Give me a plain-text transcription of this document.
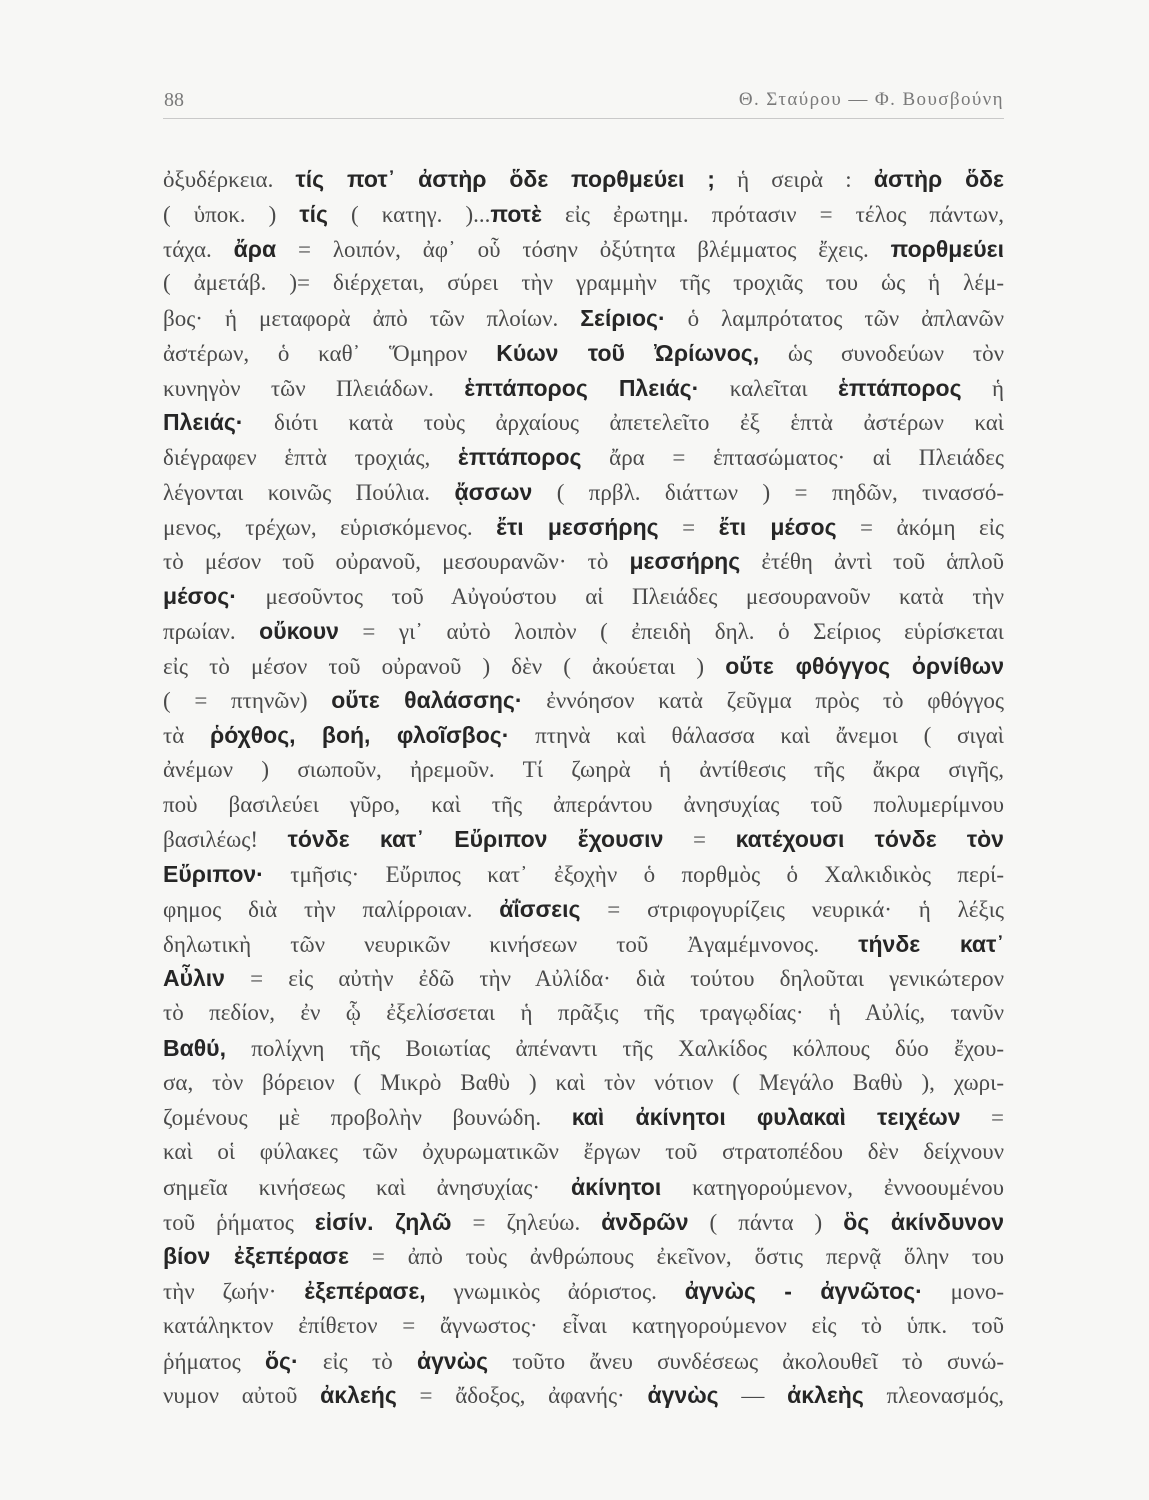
88	Θ. Σταύρου — Φ. Βουσβούνη
ὀξυδέρκεια. τίς ποτ᾽ ἀστὴρ ὅδε πορθμεύει ; ἡ σειρὰ : ἀστὴρ ὅδε
( ὑποκ. ) τίς ( κατηγ. )...ποτὲ εἰς ἐρωτημ. πρότασιν = τέλος πάντων,
τάχα. ἄρα = λοιπόν, ἀφ᾽ οὗ τόσην ὀξύτητα βλέμματος ἔχεις. πορθμεύει
( ἀμετάβ. )= διέρχεται, σύρει τὴν γραμμὴν τῆς τροχιᾶς του ὡς ἡ λέμ-
βος· ἡ μεταφορὰ ἀπὸ τῶν πλοίων. Σείριος· ὁ λαμπρότατος τῶν ἀπλανῶν
ἀστέρων, ὁ καθ᾽ Ὅμηρον Κύων τοῦ Ὠρίωνος, ὡς συνοδεύων τὸν
κυνηγὸν τῶν Πλειάδων. ἑπτάπορος Πλειάς· καλεῖται ἑπτάπορος ἡ
Πλειάς· διότι κατὰ τοὺς ἀρχαίους ἀπετελεῖτο ἐξ ἑπτὰ ἀστέρων καὶ
διέγραφεν ἑπτὰ τροχιάς, ἑπτάπορος ἄρα = ἑπτασώματος· αἱ Πλειάδες
λέγονται κοινῶς Πούλια. ᾄσσων ( πρβλ. διάττων ) = πηδῶν, τινασσό-
μενος, τρέχων, εὑρισκόμενος. ἔτι μεσσήρης = ἔτι μέσος = ἀκόμη εἰς
τὸ μέσον τοῦ οὐρανοῦ, μεσουρανῶν· τὸ μεσσήρης ἐτέθη ἀντὶ τοῦ ἁπλοῦ
μέσος· μεσοῦντος τοῦ Αὐγούστου αἱ Πλειάδες μεσουρανοῦν κατὰ τὴν
πρωίαν. οὔκουν = γι᾽ αὐτὸ λοιπὸν ( ἐπειδὴ δηλ. ὁ Σείριος εὑρίσκεται
εἰς τὸ μέσον τοῦ οὐρανοῦ ) δὲν ( ἀκούεται ) οὔτε φθόγγος ὀρνίθων
( = πτηνῶν) οὔτε θαλάσσης· ἐννόησον κατὰ ζεῦγμα πρὸς τὸ φθόγγος
τὰ ῥόχθος, βοή, φλοῖσβος· πτηνὰ καὶ θάλασσα καὶ ἄνεμοι ( σιγαὶ
ἀνέμων ) σιωποῦν, ἠρεμοῦν. Τί ζωηρὰ ἡ ἀντίθεσις τῆς ἄκρα σιγῆς,
ποὺ βασιλεύει γῦρο, καὶ τῆς ἀπεράντου ἀνησυχίας τοῦ πολυμερίμνου
βασιλέως! τόνδε κατ᾽ Εὔριπον ἔχουσιν = κατέχουσι τόνδε τὸν
Εὔριπον· τμῆσις· Εὔριπος κατ᾽ ἐξοχὴν ὁ πορθμὸς ὁ Χαλκιδικὸς περί-
φημος διὰ τὴν παλίρροιαν. ἀΐσσεις = στριφογυρίζεις νευρικά· ἡ λέξις
δηλωτικὴ τῶν νευρικῶν κινήσεων τοῦ Ἀγαμέμνονος. τήνδε κατ᾽
Αὖλιν = εἰς αὐτὴν ἐδῶ τὴν Αὐλίδα· διὰ τούτου δηλοῦται γενικώτερον
τὸ πεδίον, ἐν ᾧ ἐξελίσσεται ἡ πρᾶξις τῆς τραγῳδίας· ἡ Αὐλίς, τανῦν
Βαθύ, πολίχνη τῆς Βοιωτίας ἀπέναντι τῆς Χαλκίδος κόλπους δύο ἔχου-
σα, τὸν βόρειον ( Μικρὸ Βαθὺ ) καὶ τὸν νότιον ( Μεγάλο Βαθὺ ), χωρι-
ζομένους μὲ προβολὴν βουνώδη. καὶ ἀκίνητοι φυλακαὶ τειχέων =
καὶ οἱ φύλακες τῶν ὀχυρωματικῶν ἔργων τοῦ στρατοπέδου δὲν δείχνουν
σημεῖα κινήσεως καὶ ἀνησυχίας· ἀκίνητοι κατηγορούμενον, ἐννοουμένου
τοῦ ῥήματος εἰσίν. ζηλῶ = ζηλεύω. ἀνδρῶν ( πάντα ) ὃς ἀκίνδυνον
βίον ἐξεπέρασε = ἀπὸ τοὺς ἀνθρώπους ἐκεῖνον, ὅστις περνᾷ ὅλην του
τὴν ζωήν· ἐξεπέρασε, γνωμικὸς ἀόριστος. ἀγνὼς - ἀγνῶτος· μονο-
κατάληκτον ἐπίθετον = ἄγνωστος· εἶναι κατηγορούμενον εἰς τὸ ὑπκ. τοῦ
ῥήματος ὅς· εἰς τὸ ἀγνὼς τοῦτο ἄνευ συνδέσεως ἀκολουθεῖ τὸ συνώ-
νυμον αὐτοῦ ἀκλεής = ἄδοξος, ἀφανής· ἀγνὼς — ἀκλεὴς πλεονασμός,
